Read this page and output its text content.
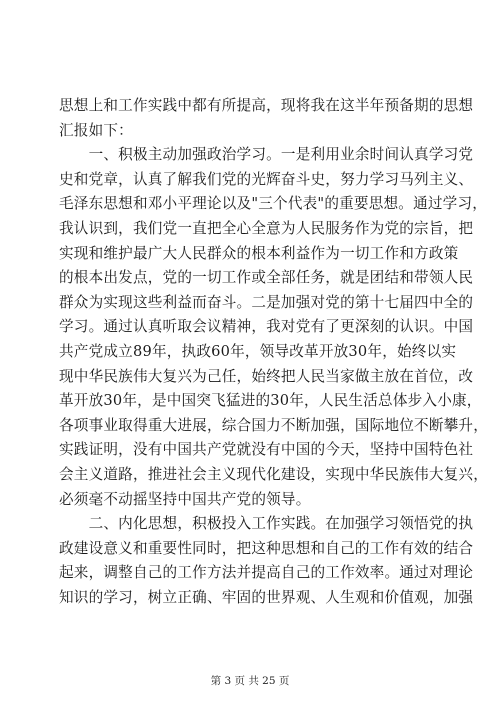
思想上和工作实践中都有所提高，现将我在这半年预备期的思想
汇报如下：
　　一、积极主动加强政治学习。一是利用业余时间认真学习党
史和党章，认真了解我们党的光辉奋斗史，努力学习马列主义、
毛泽东思想和邓小平理论以及"三个代表"的重要思想。通过学习，
我认识到，我们党一直把全心全意为人民服务作为党的宗旨，把
实现和维护最广大人民群众的根本利益作为一切工作和方政策
的根本出发点，党的一切工作或全部任务，就是团结和带领人民
群众为实现这些利益而奋斗。二是加强对党的第十七届四中全的
学习。通过认真听取会议精神，我对党有了更深刻的认识。中国
共产党成立89年，执政60年，领导改革开放30年，始终以实
现中华民族伟大复兴为己任，始终把人民当家做主放在首位，改
革开放30年，是中国突飞猛进的30年，人民生活总体步入小康，
各项事业取得重大进展，综合国力不断加强，国际地位不断攀升，
实践证明，没有中国共产党就没有中国的今天，坚持中国特色社
会主义道路，推进社会主义现代化建设，实现中华民族伟大复兴，
必须毫不动摇坚持中国共产党的领导。
　　二、内化思想，积极投入工作实践。在加强学习领悟党的执
政建设意义和重要性同时，把这种思想和自己的工作有效的结合
起来，调整自己的工作方法并提高自己的工作效率。通过对理论
知识的学习，树立正确、牢固的世界观、人生观和价值观，加强
第 3 页 共 25 页
